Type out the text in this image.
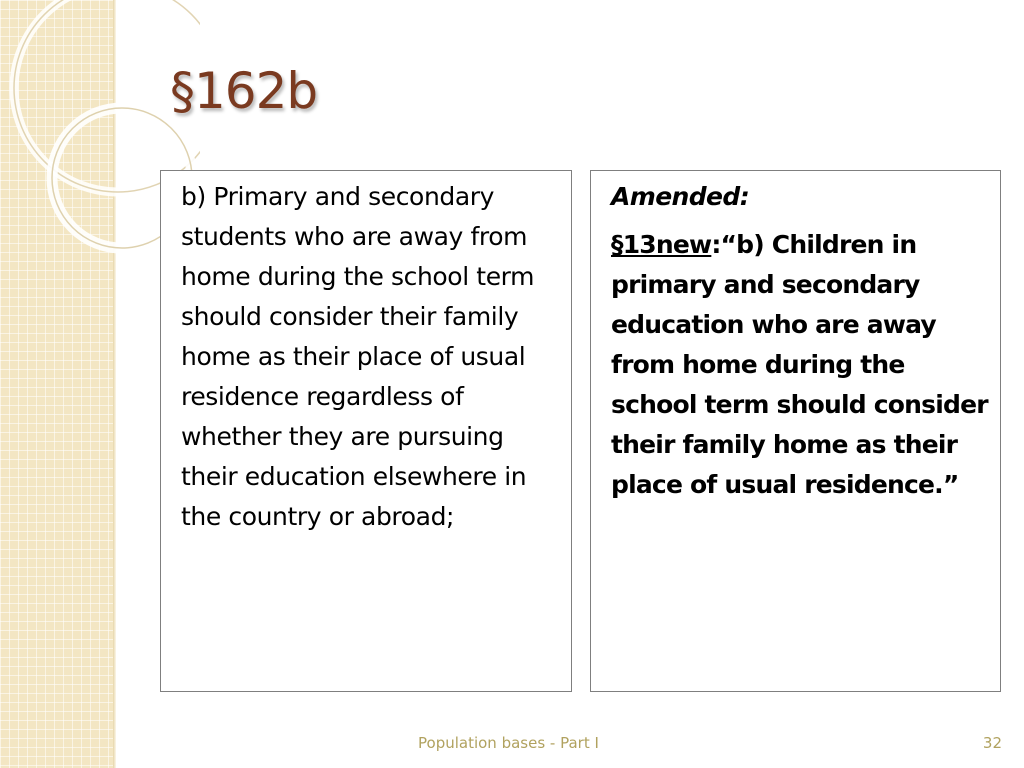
§162b

b) Primary and secondary students who are away from home during the school term should consider their family home as their place of usual residence regardless of whether they are pursuing their education elsewhere in the country or abroad;

Amended:

§13new:“b) Children in primary and secondary education who are away from home during the school term should consider their family home as their place of usual residence.”

Population bases - Part I	32
